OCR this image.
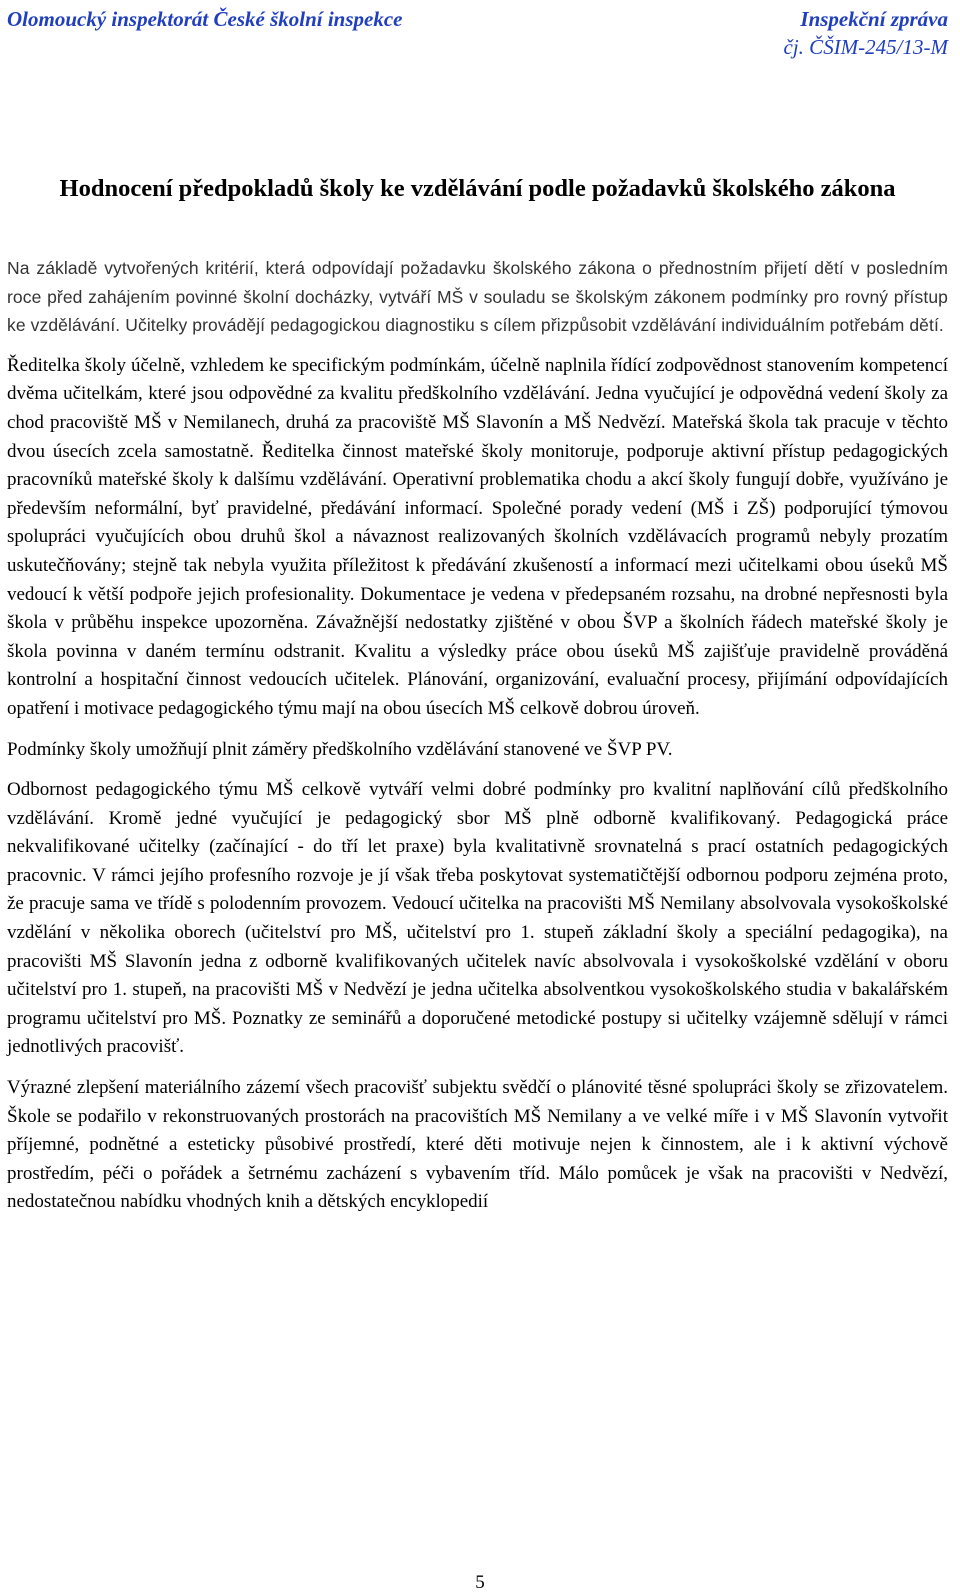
Olomoucký inspektorát České školní inspekce	Inspekční zpráva
čj. ČŠIM-245/13-M
Hodnocení předpokladů školy ke vzdělávání podle požadavků školského zákona

Na základě vytvořených kritérií, která odpovídají požadavku školského zákona o přednostním přijetí dětí v posledním roce před zahájením povinné školní docházky, vytváří MŠ v souladu se školským zákonem podmínky pro rovný přístup ke vzdělávání. Učitelky provádějí pedagogickou diagnostiku s cílem přizpůsobit vzdělávání individuálním potřebám dětí.

Ředitelka školy účelně, vzhledem ke specifickým podmínkám, účelně naplnila řídící zodpovědnost stanovením kompetencí dvěma učitelkám, které jsou odpovědné za kvalitu předškolního vzdělávání. Jedna vyučující je odpovědná vedení školy za chod pracoviště MŠ v Nemilanech, druhá za pracoviště MŠ Slavonín a MŠ Nedvězí. Mateřská škola tak pracuje v těchto dvou úsecích zcela samostatně. Ředitelka činnost mateřské školy monitoruje, podporuje aktivní přístup pedagogických pracovníků mateřské školy k dalšímu vzdělávání. Operativní problematika chodu a akcí školy fungují dobře, využíváno je především neformální, byť pravidelné, předávání informací. Společné porady vedení (MŠ i ZŠ) podporující týmovou spolupráci vyučujících obou druhů škol a návaznost realizovaných školních vzdělávacích programů nebyly prozatím uskutečňovány; stejně tak nebyla využita příležitost k předávání zkušeností a informací mezi učitelkami obou úseků MŠ vedoucí k větší podpoře jejich profesionality. Dokumentace je vedena v předepsaném rozsahu, na drobné nepřesnosti byla škola v průběhu inspekce upozorněna. Závažnější nedostatky zjištěné v obou ŠVP a školních řádech mateřské školy je škola povinna v daném termínu odstranit. Kvalitu a výsledky práce obou úseků MŠ zajišťuje pravidelně prováděná kontrolní a hospitační činnost vedoucích učitelek. Plánování, organizování, evaluační procesy, přijímání odpovídajících opatření i motivace pedagogického týmu mají na obou úsecích MŠ celkově dobrou úroveň.

Podmínky školy umožňují plnit záměry předškolního vzdělávání stanovené ve ŠVP PV.

Odbornost pedagogického týmu MŠ celkově vytváří velmi dobré podmínky pro kvalitní naplňování cílů předškolního vzdělávání. Kromě jedné vyučující je pedagogický sbor MŠ plně odborně kvalifikovaný. Pedagogická práce nekvalifikované učitelky (začínající - do tří let praxe) byla kvalitativně srovnatelná s prací ostatních pedagogických pracovnic. V rámci jejího profesního rozvoje je jí však třeba poskytovat systematičtější odbornou podporu zejména proto, že pracuje sama ve třídě s polodenním provozem. Vedoucí učitelka na pracovišti MŠ Nemilany absolvovala vysokoškolské vzdělání v několika oborech (učitelství pro MŠ, učitelství pro 1. stupeň základní školy a speciální pedagogika), na pracovišti MŠ Slavonín jedna z odborně kvalifikovaných učitelek navíc absolvovala i vysokoškolské vzdělání v oboru učitelství pro 1. stupeň, na pracovišti MŠ v Nedvězí je jedna učitelka absolventkou vysokoškolského studia v bakalářském programu učitelství pro MŠ. Poznatky ze seminářů a doporučené metodické postupy si učitelky vzájemně sdělují v rámci jednotlivých pracovišť.

Výrazné zlepšení materiálního zázemí všech pracovišť subjektu svědčí o plánovité těsné spolupráci školy se zřizovatelem. Škole se podařilo v rekonstruovaných prostorách na pracovištích MŠ Nemilany a ve velké míře i v MŠ Slavonín vytvořit příjemné, podnětné a esteticky působivé prostředí, které děti motivuje nejen k činnostem, ale i k aktivní výchově prostředím, péči o pořádek a šetrnému zacházení s vybavením tříd. Málo pomůcek je však na pracovišti v Nedvězí, nedostatečnou nabídku vhodných knih a dětských encyklopedií

5
